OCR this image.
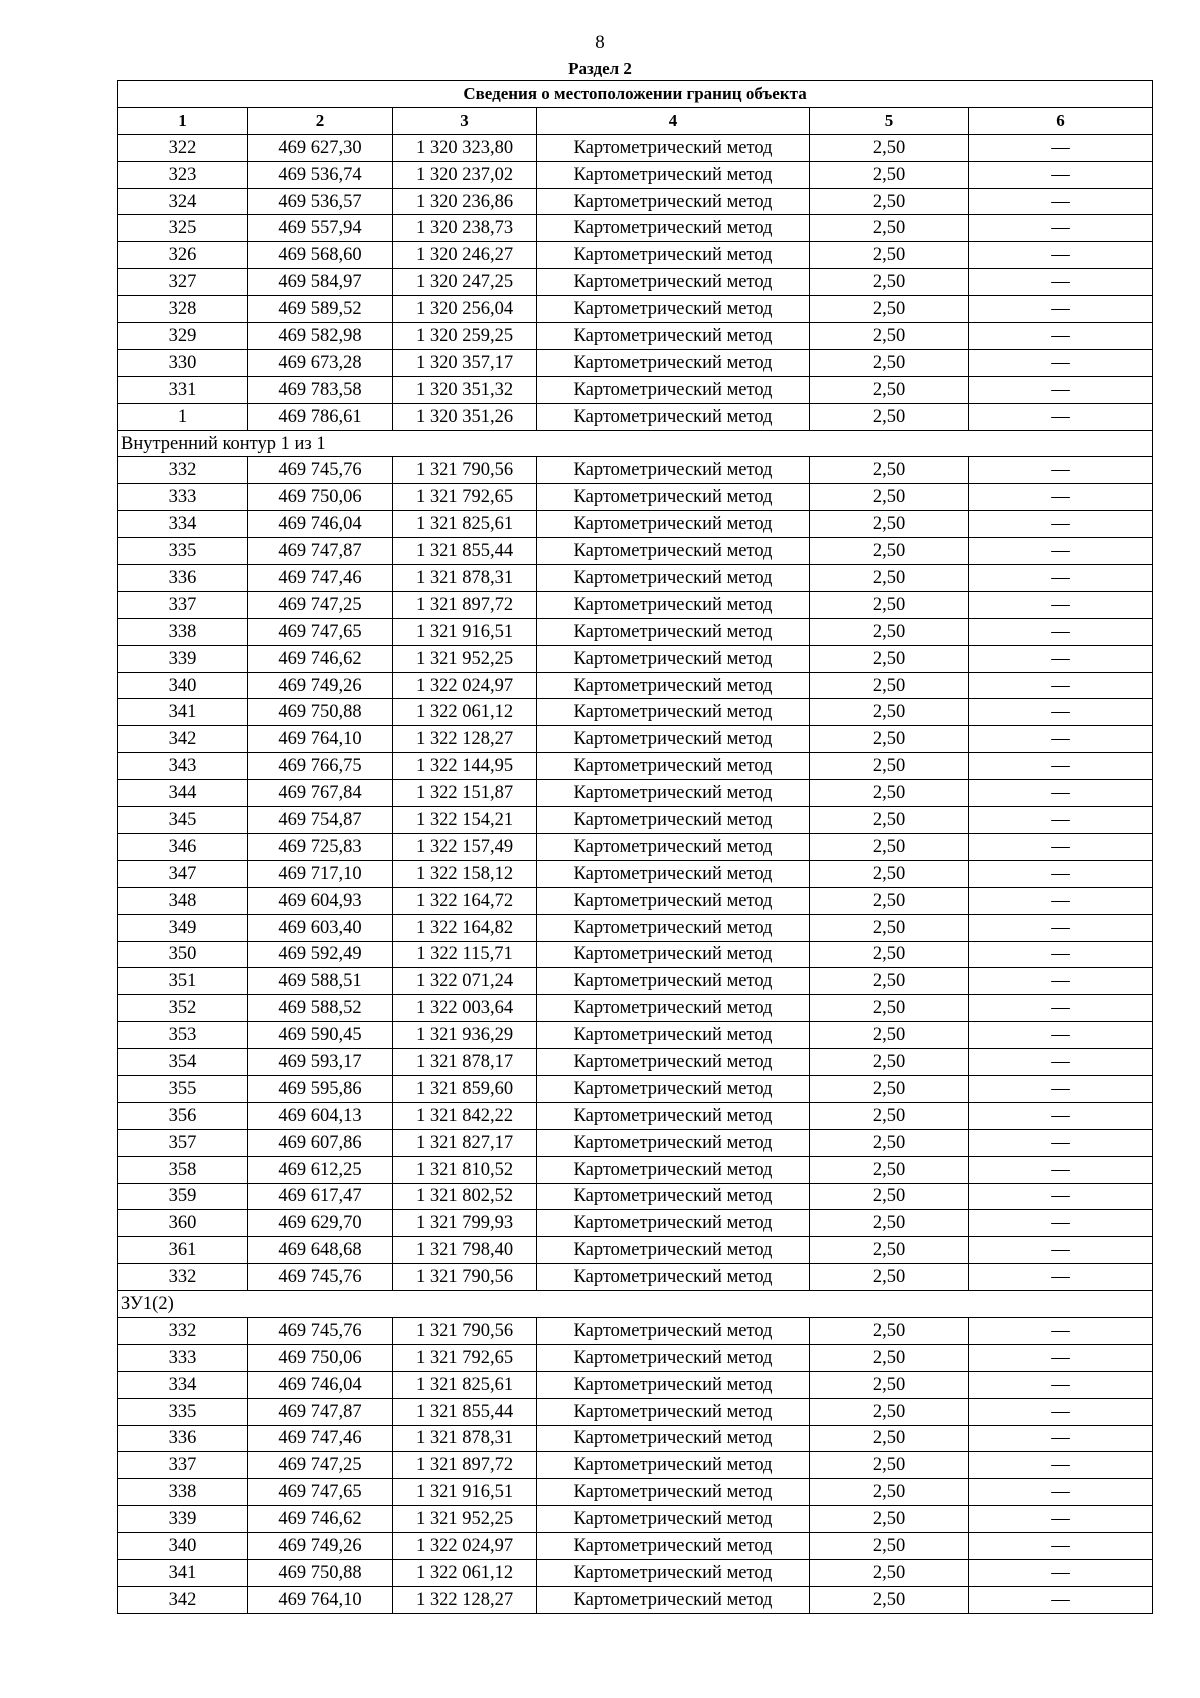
8
Раздел 2
Сведения о местоположении границ объекта					
1	2	3	4	5	6
322	469 627,30	1 320 323,80	Картометрический метод	2,50	—
323	469 536,74	1 320 237,02	Картометрический метод	2,50	—
324	469 536,57	1 320 236,86	Картометрический метод	2,50	—
325	469 557,94	1 320 238,73	Картометрический метод	2,50	—
326	469 568,60	1 320 246,27	Картометрический метод	2,50	—
327	469 584,97	1 320 247,25	Картометрический метод	2,50	—
328	469 589,52	1 320 256,04	Картометрический метод	2,50	—
329	469 582,98	1 320 259,25	Картометрический метод	2,50	—
330	469 673,28	1 320 357,17	Картометрический метод	2,50	—
331	469 783,58	1 320 351,32	Картометрический метод	2,50	—
1	469 786,61	1 320 351,26	Картометрический метод	2,50	—
Внутренний контур 1 из 1					
332	469 745,76	1 321 790,56	Картометрический метод	2,50	—
333	469 750,06	1 321 792,65	Картометрический метод	2,50	—
334	469 746,04	1 321 825,61	Картометрический метод	2,50	—
335	469 747,87	1 321 855,44	Картометрический метод	2,50	—
336	469 747,46	1 321 878,31	Картометрический метод	2,50	—
337	469 747,25	1 321 897,72	Картометрический метод	2,50	—
338	469 747,65	1 321 916,51	Картометрический метод	2,50	—
339	469 746,62	1 321 952,25	Картометрический метод	2,50	—
340	469 749,26	1 322 024,97	Картометрический метод	2,50	—
341	469 750,88	1 322 061,12	Картометрический метод	2,50	—
342	469 764,10	1 322 128,27	Картометрический метод	2,50	—
343	469 766,75	1 322 144,95	Картометрический метод	2,50	—
344	469 767,84	1 322 151,87	Картометрический метод	2,50	—
345	469 754,87	1 322 154,21	Картометрический метод	2,50	—
346	469 725,83	1 322 157,49	Картометрический метод	2,50	—
347	469 717,10	1 322 158,12	Картометрический метод	2,50	—
348	469 604,93	1 322 164,72	Картометрический метод	2,50	—
349	469 603,40	1 322 164,82	Картометрический метод	2,50	—
350	469 592,49	1 322 115,71	Картометрический метод	2,50	—
351	469 588,51	1 322 071,24	Картометрический метод	2,50	—
352	469 588,52	1 322 003,64	Картометрический метод	2,50	—
353	469 590,45	1 321 936,29	Картометрический метод	2,50	—
354	469 593,17	1 321 878,17	Картометрический метод	2,50	—
355	469 595,86	1 321 859,60	Картометрический метод	2,50	—
356	469 604,13	1 321 842,22	Картометрический метод	2,50	—
357	469 607,86	1 321 827,17	Картометрический метод	2,50	—
358	469 612,25	1 321 810,52	Картометрический метод	2,50	—
359	469 617,47	1 321 802,52	Картометрический метод	2,50	—
360	469 629,70	1 321 799,93	Картометрический метод	2,50	—
361	469 648,68	1 321 798,40	Картометрический метод	2,50	—
332	469 745,76	1 321 790,56	Картометрический метод	2,50	—
ЗУ1(2)					
332	469 745,76	1 321 790,56	Картометрический метод	2,50	—
333	469 750,06	1 321 792,65	Картометрический метод	2,50	—
334	469 746,04	1 321 825,61	Картометрический метод	2,50	—
335	469 747,87	1 321 855,44	Картометрический метод	2,50	—
336	469 747,46	1 321 878,31	Картометрический метод	2,50	—
337	469 747,25	1 321 897,72	Картометрический метод	2,50	—
338	469 747,65	1 321 916,51	Картометрический метод	2,50	—
339	469 746,62	1 321 952,25	Картометрический метод	2,50	—
340	469 749,26	1 322 024,97	Картометрический метод	2,50	—
341	469 750,88	1 322 061,12	Картометрический метод	2,50	—
342	469 764,10	1 322 128,27	Картометрический метод	2,50	—
